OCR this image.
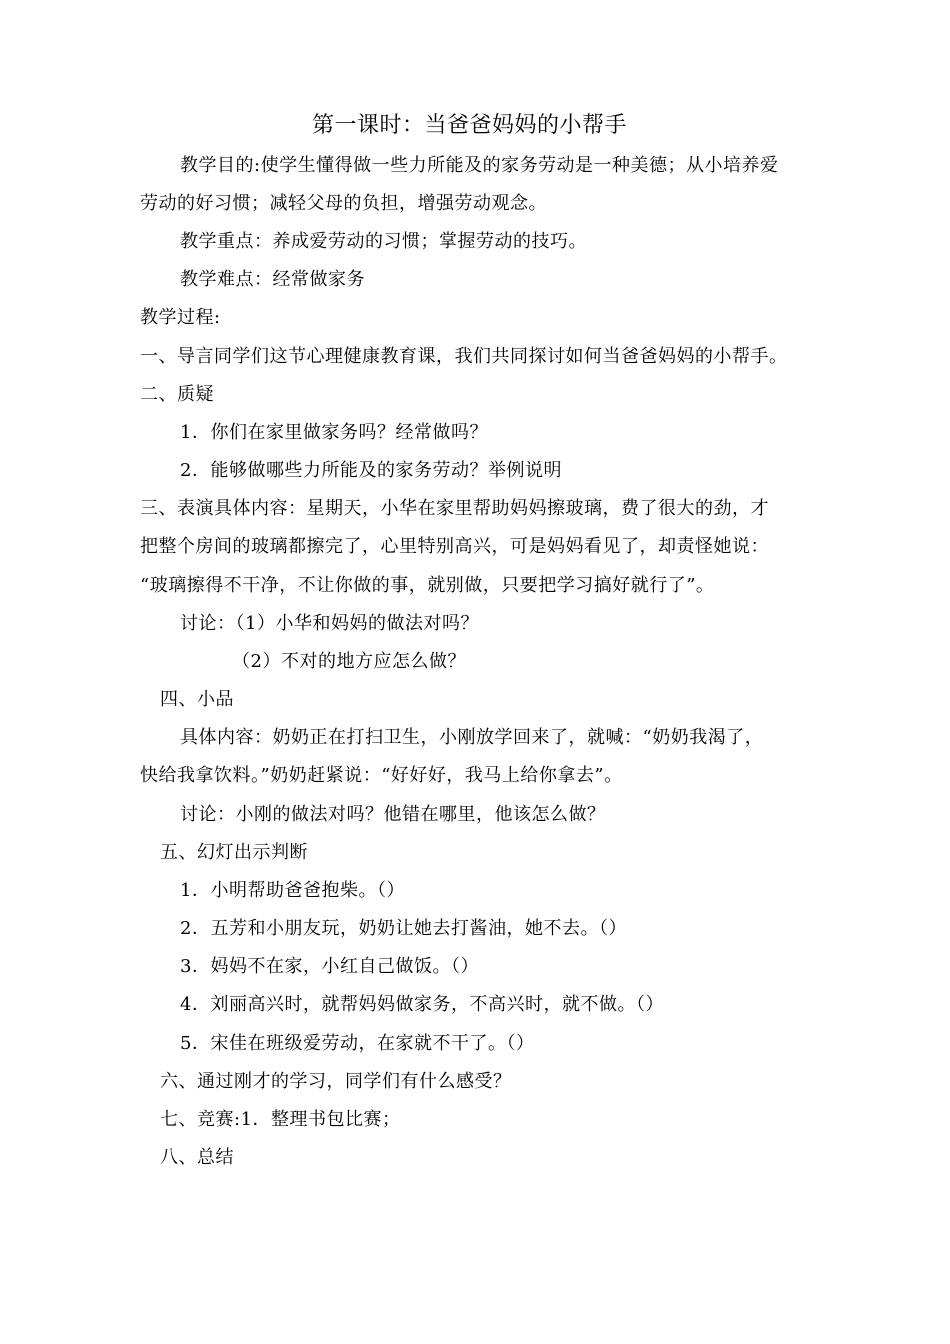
第一课时：当爸爸妈妈的小帮手
教学目的:使学生懂得做一些力所能及的家务劳动是一种美德；从小培养爱
劳动的好习惯；减轻父母的负担，增强劳动观念。
教学重点：养成爱劳动的习惯；掌握劳动的技巧。
教学难点：经常做家务
教学过程:
一、导言同学们这节心理健康教育课，我们共同探讨如何当爸爸妈妈的小帮手。
二、质疑
1．你们在家里做家务吗？经常做吗？
2．能够做哪些力所能及的家务劳动？举例说明
三、表演具体内容：星期天，小华在家里帮助妈妈擦玻璃，费了很大的劲，才
把整个房间的玻璃都擦完了，心里特别高兴，可是妈妈看见了，却责怪她说：
“玻璃擦得不干净，不让你做的事，就别做，只要把学习搞好就行了”。
讨论：（1）小华和妈妈的做法对吗？
（2）不对的地方应怎么做？
四、小品
具体内容：奶奶正在打扫卫生，小刚放学回来了，就喊：“奶奶我渴了，
快给我拿饮料。”奶奶赶紧说：“好好好，我马上给你拿去”。
讨论：小刚的做法对吗？他错在哪里，他该怎么做？
五、幻灯出示判断
1．小明帮助爸爸抱柴。（）
2．五芳和小朋友玩，奶奶让她去打酱油，她不去。（）
3．妈妈不在家，小红自己做饭。（）
4．刘丽高兴时，就帮妈妈做家务，不高兴时，就不做。（）
5．宋佳在班级爱劳动，在家就不干了。（）
六、通过刚才的学习，同学们有什么感受？
七、竞赛:1．整理书包比赛；
八、总结
